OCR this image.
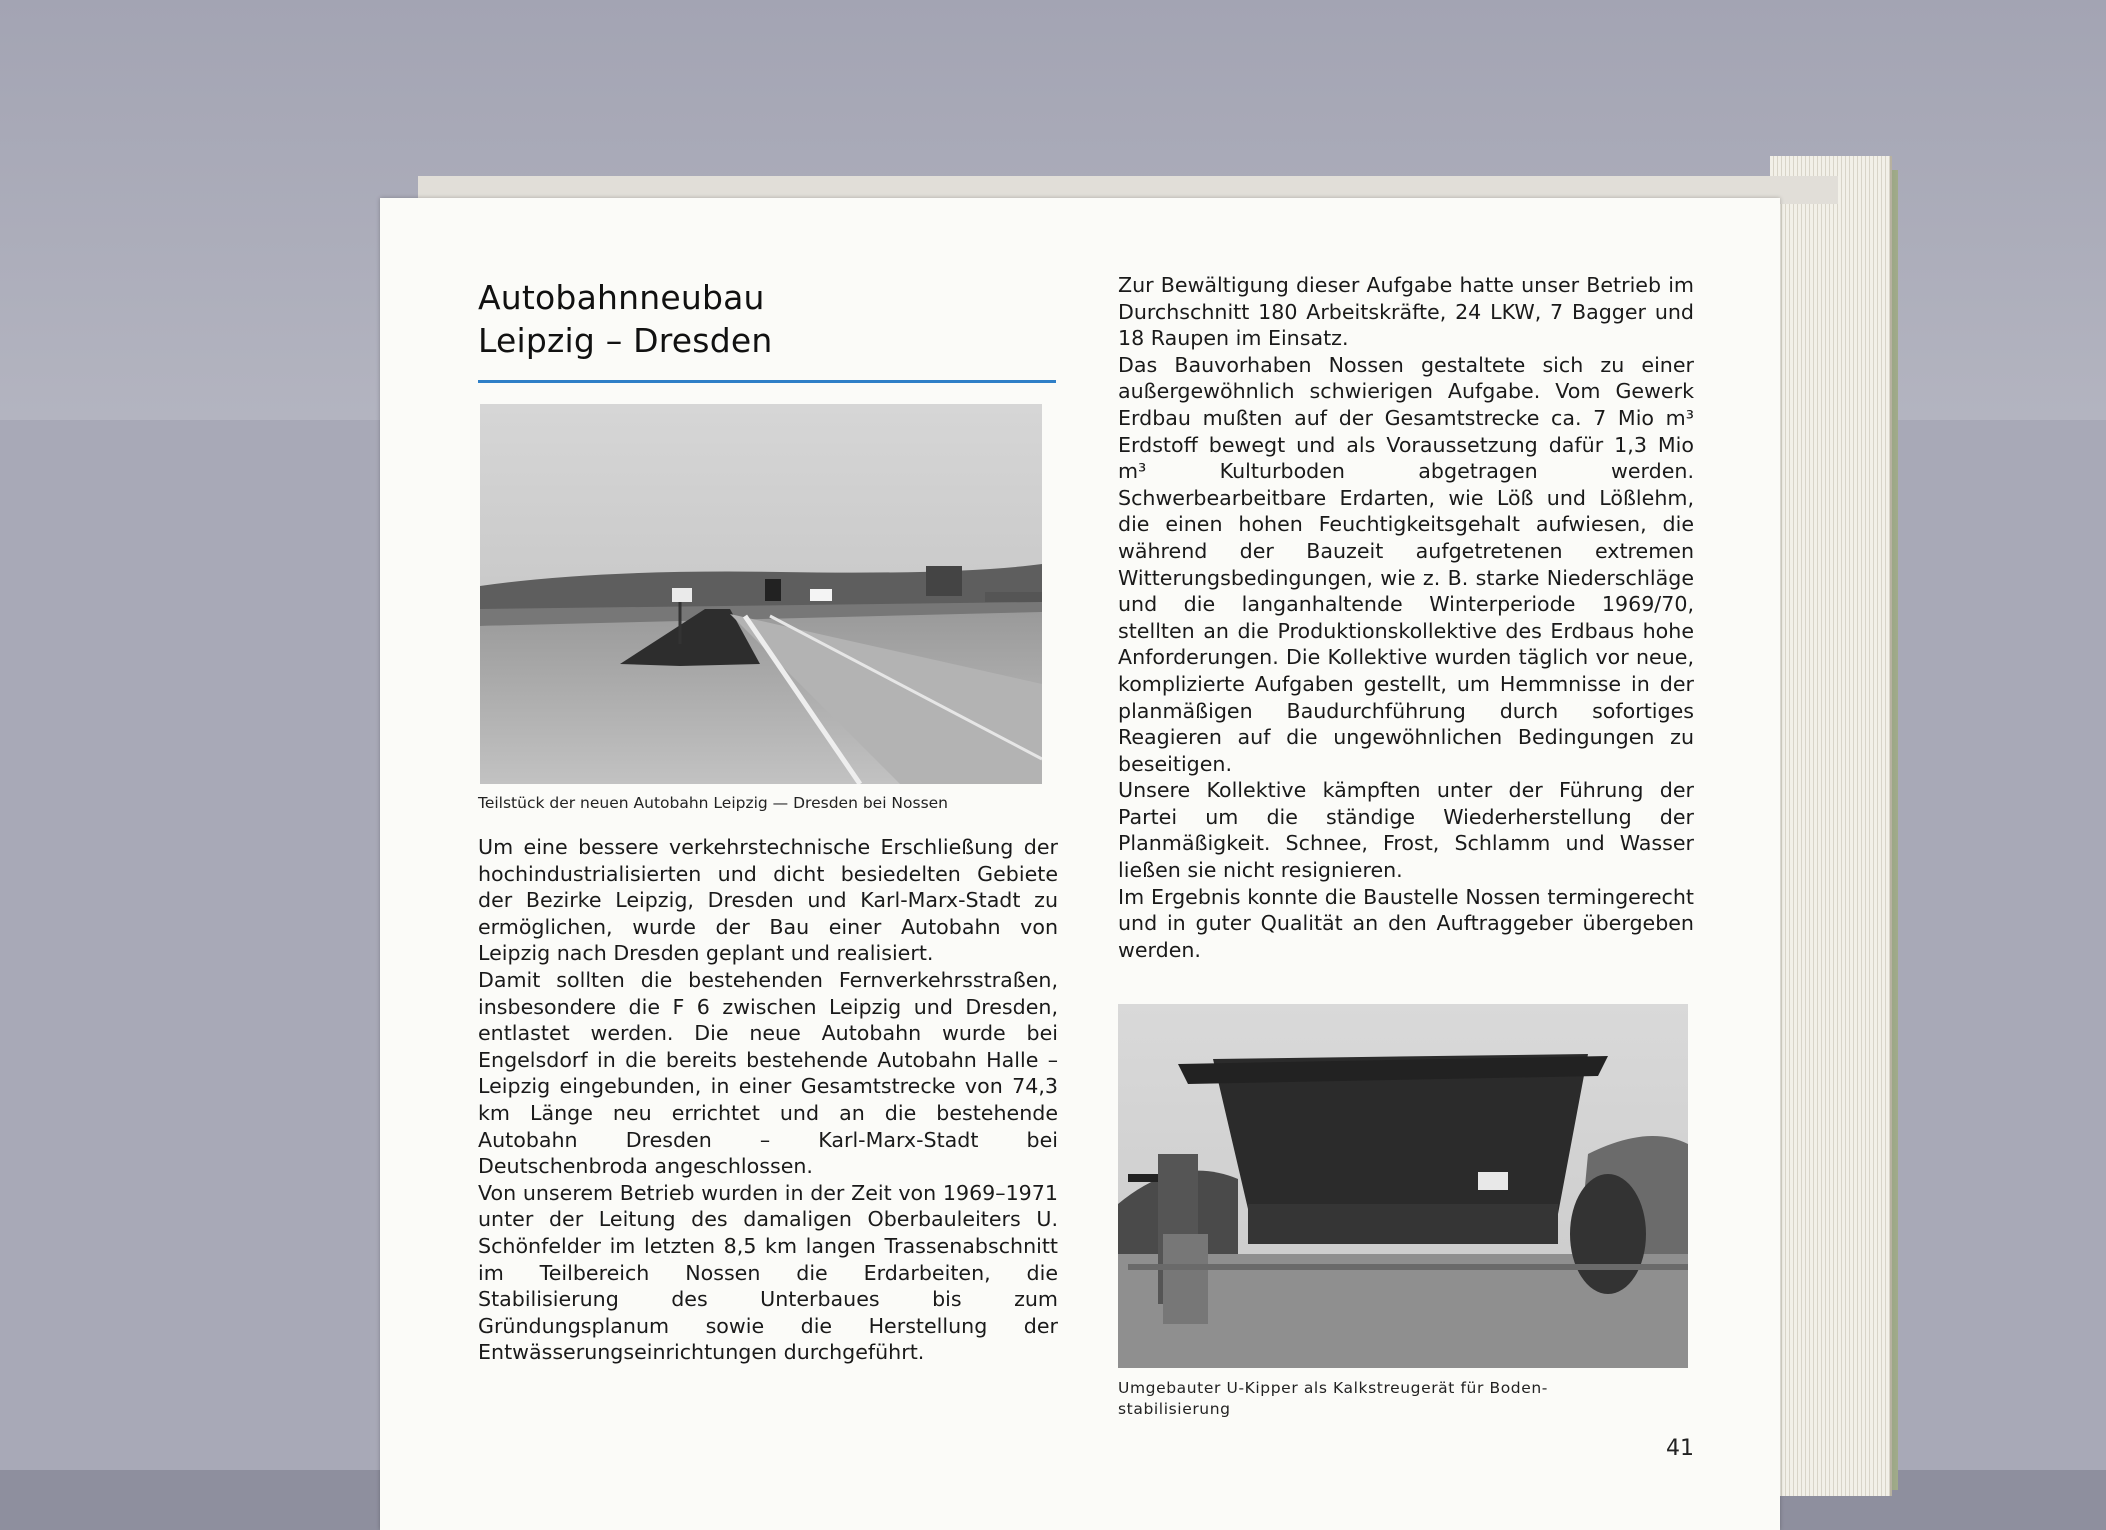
Autobahnneubau
Leipzig – Dresden
Teilstück der neuen Autobahn Leipzig — Dresden bei Nossen

Um eine bessere verkehrstechnische Erschließung der hochindustrialisierten und dicht besiedelten Gebiete der Bezirke Leipzig, Dresden und Karl-Marx-Stadt zu ermöglichen, wurde der Bau einer Autobahn von Leipzig nach Dresden geplant und realisiert.

Damit sollten die bestehenden Fernverkehrsstraßen, insbesondere die F 6 zwischen Leipzig und Dresden, entlastet werden. Die neue Autobahn wurde bei Engelsdorf in die bereits bestehende Autobahn Halle – Leipzig eingebunden, in einer Gesamtstrecke von 74,3 km Länge neu errichtet und an die bestehende Autobahn Dresden – Karl-Marx-Stadt bei Deutschenbroda angeschlossen.

Von unserem Betrieb wurden in der Zeit von 1969–1971 unter der Leitung des damaligen Oberbauleiters U. Schönfelder im letzten 8,5 km langen Trassenabschnitt im Teilbereich Nossen die Erdarbeiten, die Stabilisierung des Unterbaues bis zum Gründungsplanum sowie die Herstellung der Entwässerungseinrichtungen durchgeführt.

Zur Bewältigung dieser Aufgabe hatte unser Betrieb im Durchschnitt 180 Arbeitskräfte, 24 LKW, 7 Bagger und 18 Raupen im Einsatz.

Das Bauvorhaben Nossen gestaltete sich zu einer außergewöhnlich schwierigen Aufgabe. Vom Gewerk Erdbau mußten auf der Gesamtstrecke ca. 7 Mio m³ Erdstoff bewegt und als Voraussetzung dafür 1,3 Mio m³ Kulturboden abgetragen werden. Schwerbearbeitbare Erdarten, wie Löß und Lößlehm, die einen hohen Feuchtigkeitsgehalt aufwiesen, die während der Bauzeit aufgetretenen extremen Witterungsbedingungen, wie z. B. starke Niederschläge und die langanhaltende Winterperiode 1969/70, stellten an die Produktionskollektive des Erdbaus hohe Anforderungen. Die Kollektive wurden täglich vor neue, komplizierte Aufgaben gestellt, um Hemmnisse in der planmäßigen Baudurchführung durch sofortiges Reagieren auf die ungewöhnlichen Bedingungen zu beseitigen.

Unsere Kollektive kämpften unter der Führung der Partei um die ständige Wiederherstellung der Planmäßigkeit. Schnee, Frost, Schlamm und Wasser ließen sie nicht resignieren.

Im Ergebnis konnte die Baustelle Nossen termingerecht und in guter Qualität an den Auftraggeber übergeben werden.

Umgebauter U-Kipper als Kalkstreugerät für Boden-
stabilisierung
41
